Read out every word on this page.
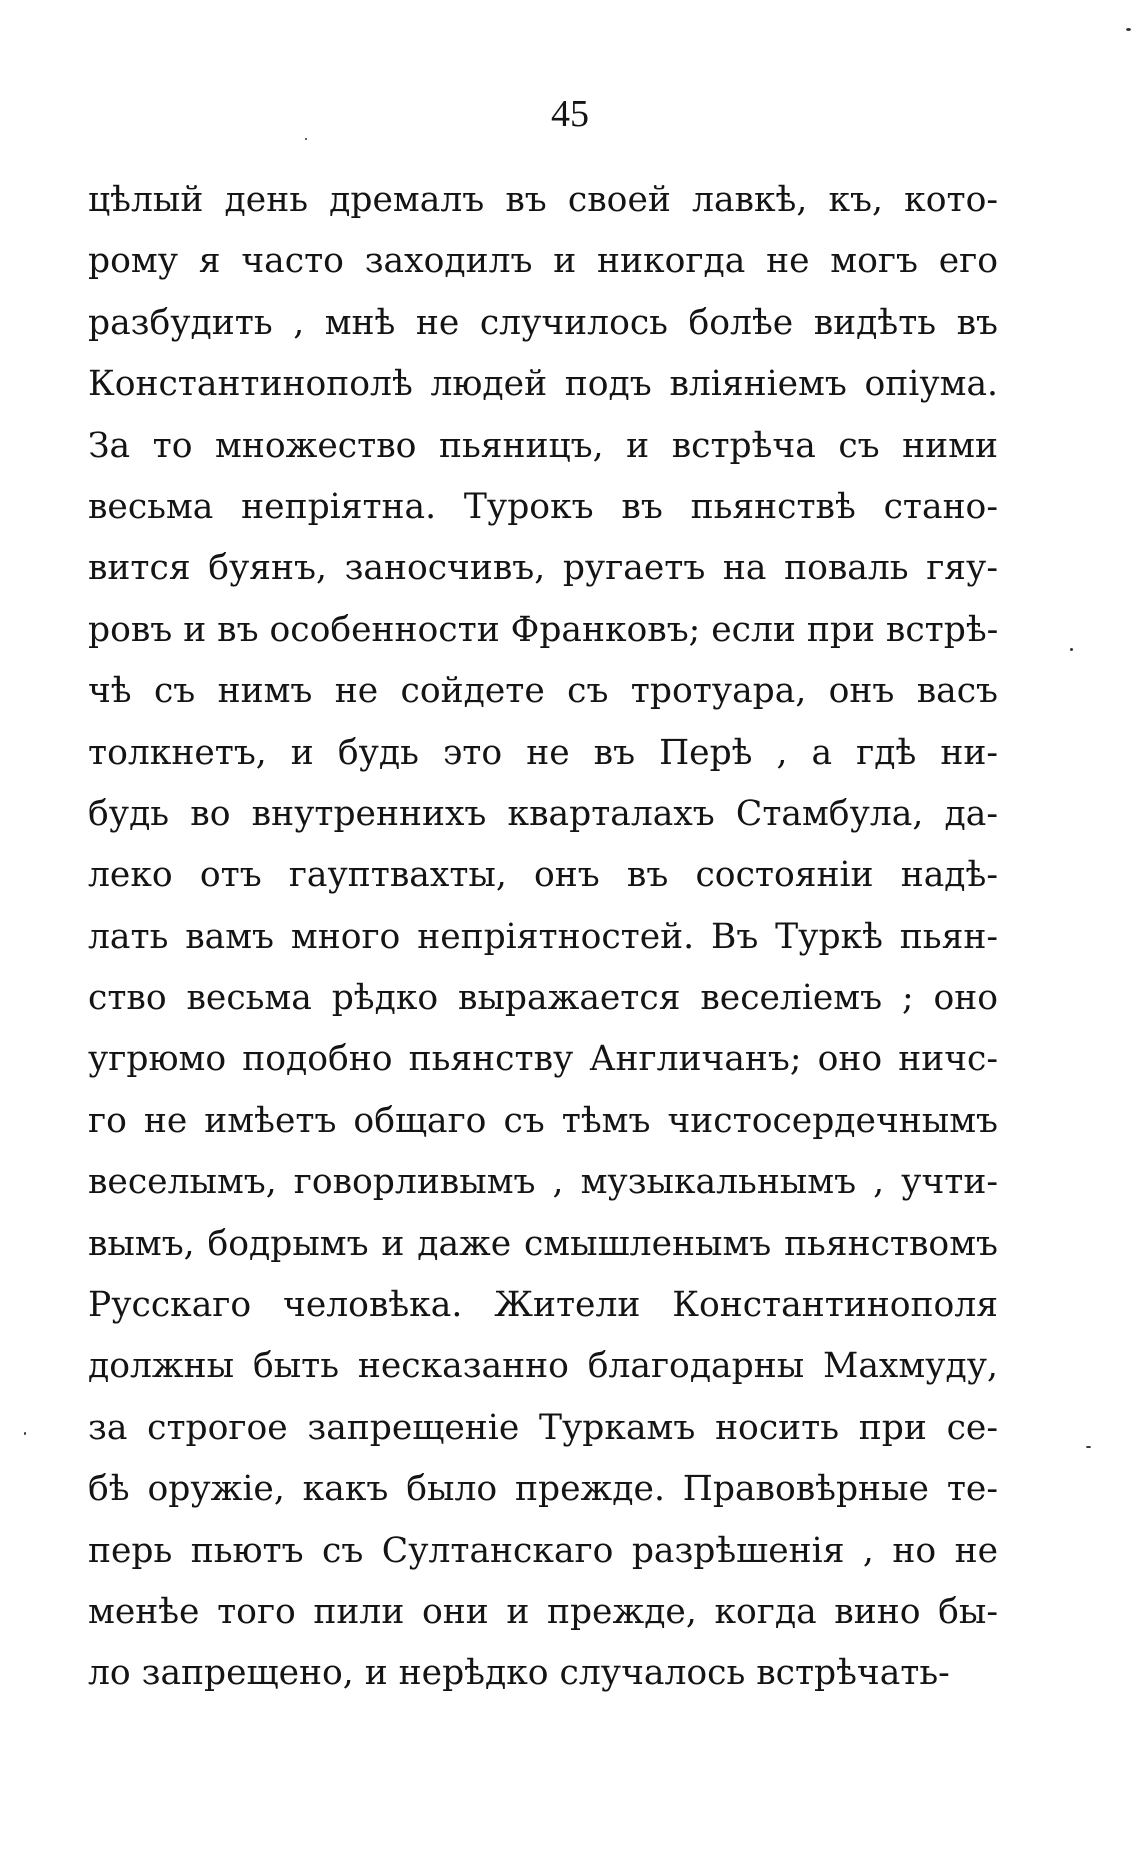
45
цѣлый день дремалъ въ своей лавкѣ, къ, кото-
рому я часто заходилъ и никогда не могъ его
разбудить , мнѣ не случилось болѣе видѣть въ
Константинополѣ людей подъ вліяніемъ опіума.
За то множество пьяницъ, и встрѣча съ ними
весьма непріятна. Турокъ въ пьянствѣ стано-
вится буянъ, заносчивъ, ругаетъ на поваль гяу-
ровъ и въ особенности Франковъ; если при встрѣ-
чѣ съ нимъ не сойдете съ тротуара, онъ васъ
толкнетъ, и будь это не въ Перѣ , а гдѣ ни-
будь во внутреннихъ кварталахъ Стамбула, да-
леко отъ гауптвахты, онъ въ состояніи надѣ-
лать вамъ много непріятностей. Въ Туркѣ пьян-
ство весьма рѣдко выражается веселіемъ ; оно
угрюмо подобно пьянству Англичанъ; оно ничс-
го не имѣетъ общаго съ тѣмъ чистосердечнымъ
веселымъ, говорливымъ , музыкальнымъ , учти-
вымъ, бодрымъ и даже смышленымъ пьянствомъ
Русскаго человѣка. Жители Константинополя
должны быть несказанно благодарны Махмуду,
за строгое запрещеніе Туркамъ носить при се-
бѣ оружіе, какъ было прежде. Правовѣрные те-
перь пьютъ съ Султанскаго разрѣшенія , но не
менѣе того пили они и прежде, когда вино бы-
ло запрещено, и нерѣдко случалось встрѣчать-
